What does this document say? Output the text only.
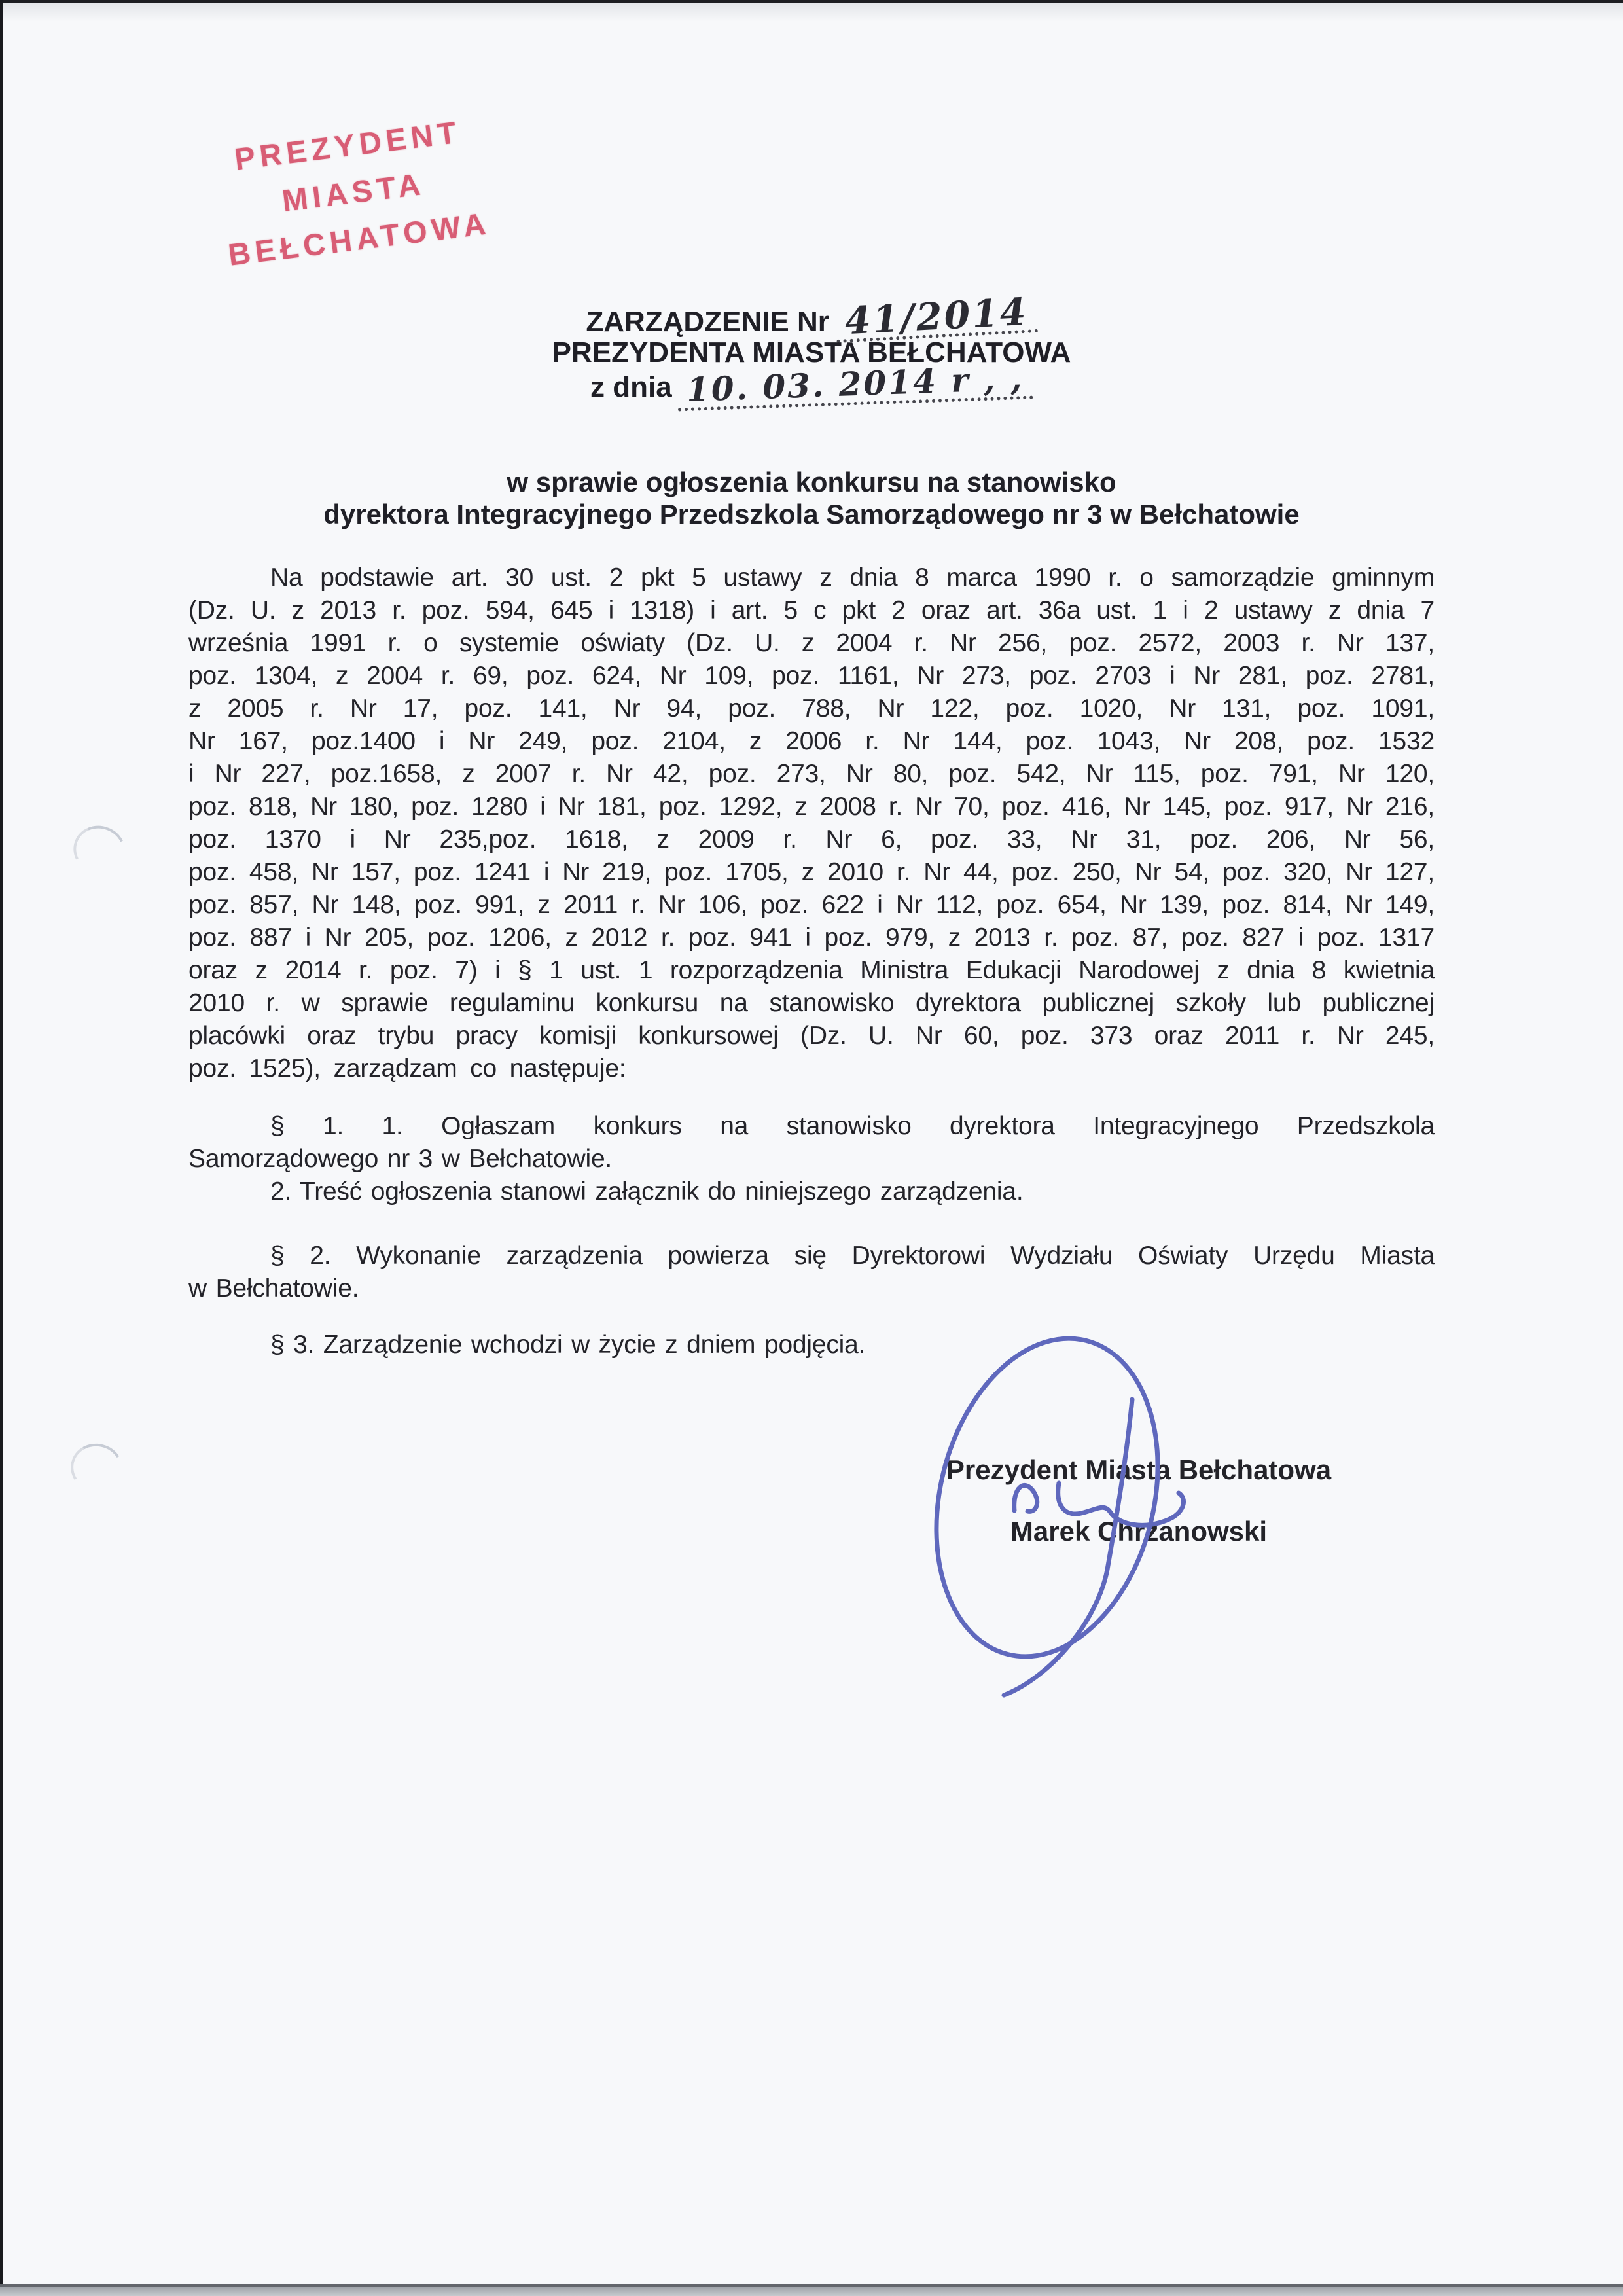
PREZYDENT MIASTA
BEŁCHATOWA
ZARZĄDZENIE Nr 41/2014
PREZYDENTA MIASTA BEŁCHATOWA
z dnia 10. 03. 2014 r , ,
w sprawie ogłoszenia konkursu na stanowisko
dyrektora Integracyjnego Przedszkola Samorządowego nr 3 w Bełchatowie
Na podstawie art. 30 ust. 2 pkt 5 ustawy z dnia 8 marca 1990 r. o samorządzie gminnym
(Dz. U. z 2013 r. poz. 594, 645 i 1318) i art. 5 c pkt 2 oraz art. 36a ust. 1 i 2 ustawy z dnia 7
września 1991 r. o systemie oświaty (Dz. U. z 2004 r. Nr 256, poz. 2572, 2003 r. Nr 137,
poz. 1304, z 2004 r. 69, poz. 624, Nr 109, poz. 1161, Nr 273, poz. 2703 i Nr 281, poz. 2781,
z 2005 r. Nr 17, poz. 141, Nr 94, poz. 788, Nr 122, poz. 1020, Nr 131, poz. 1091,
Nr 167, poz.1400 i Nr 249, poz. 2104, z 2006 r. Nr 144, poz. 1043, Nr 208, poz. 1532
i Nr 227, poz.1658, z 2007 r. Nr 42, poz. 273, Nr 80, poz. 542, Nr 115, poz. 791, Nr 120,
poz. 818, Nr 180, poz. 1280 i Nr 181, poz. 1292, z 2008 r. Nr 70, poz. 416, Nr 145, poz. 917, Nr 216,
poz. 1370 i Nr 235,poz. 1618, z 2009 r. Nr 6, poz. 33, Nr 31, poz. 206, Nr 56,
poz. 458, Nr 157, poz. 1241 i Nr 219, poz. 1705, z 2010 r. Nr 44, poz. 250, Nr 54, poz. 320, Nr 127,
poz. 857, Nr 148, poz. 991, z 2011 r. Nr 106, poz. 622 i Nr 112, poz. 654, Nr 139, poz. 814, Nr 149,
poz. 887 i Nr 205, poz. 1206, z 2012 r. poz. 941 i poz. 979, z 2013 r. poz. 87, poz. 827 i poz. 1317
oraz z 2014 r. poz. 7) i § 1 ust. 1 rozporządzenia Ministra Edukacji Narodowej z dnia 8 kwietnia
2010 r. w sprawie regulaminu konkursu na stanowisko dyrektora publicznej szkoły lub publicznej
placówki oraz trybu pracy komisji konkursowej (Dz. U. Nr 60, poz. 373 oraz 2011 r. Nr 245,
poz. 1525), zarządzam co następuje:
§ 1. 1. Ogłaszam konkurs na stanowisko dyrektora Integracyjnego Przedszkola
Samorządowego nr 3 w Bełchatowie.
2. Treść ogłoszenia stanowi załącznik do niniejszego zarządzenia.
§ 2. Wykonanie zarządzenia powierza się Dyrektorowi Wydziału Oświaty Urzędu Miasta
w Bełchatowie.
§ 3. Zarządzenie wchodzi w życie z dniem podjęcia.
Prezydent Miasta Bełchatowa
Marek Chrzanowski
